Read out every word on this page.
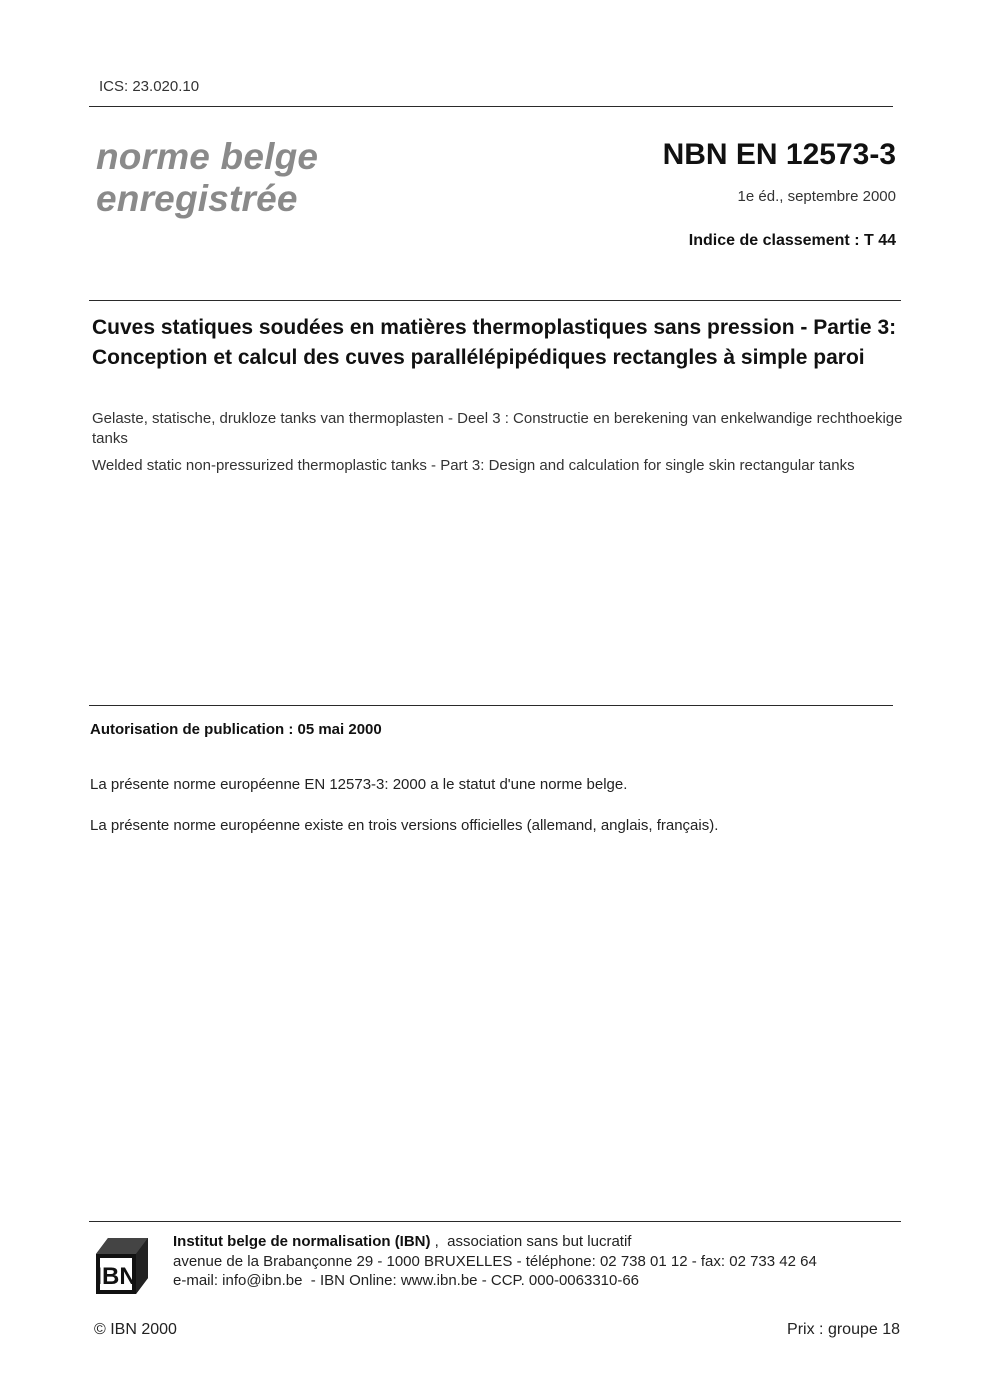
ICS: 23.020.10
norme belge
enregistrée
NBN EN 12573-3
1e éd., septembre 2000
Indice de classement : T 44
Cuves statiques soudées en matières thermoplastiques sans pression - Partie 3: Conception et calcul des cuves parallélépipédiques rectangles à simple paroi
Gelaste, statische, drukloze tanks van thermoplasten - Deel 3 : Constructie en berekening van enkelwandige rechthoekige tanks
Welded static non-pressurized thermoplastic tanks - Part 3: Design and calculation for single skin rectangular tanks
Autorisation de publication : 05 mai 2000
La présente norme européenne EN 12573-3: 2000 a le statut d'une norme belge.
La présente norme européenne existe en trois versions officielles (allemand, anglais, français).
IBN
Institut belge de normalisation (IBN) ,  association sans but lucratif
avenue de la Brabançonne 29 - 1000 BRUXELLES - téléphone: 02 738 01 12 - fax: 02 733 42 64
e-mail: info@ibn.be  - IBN Online: www.ibn.be - CCP. 000-0063310-66
© IBN 2000	Prix : groupe 18
